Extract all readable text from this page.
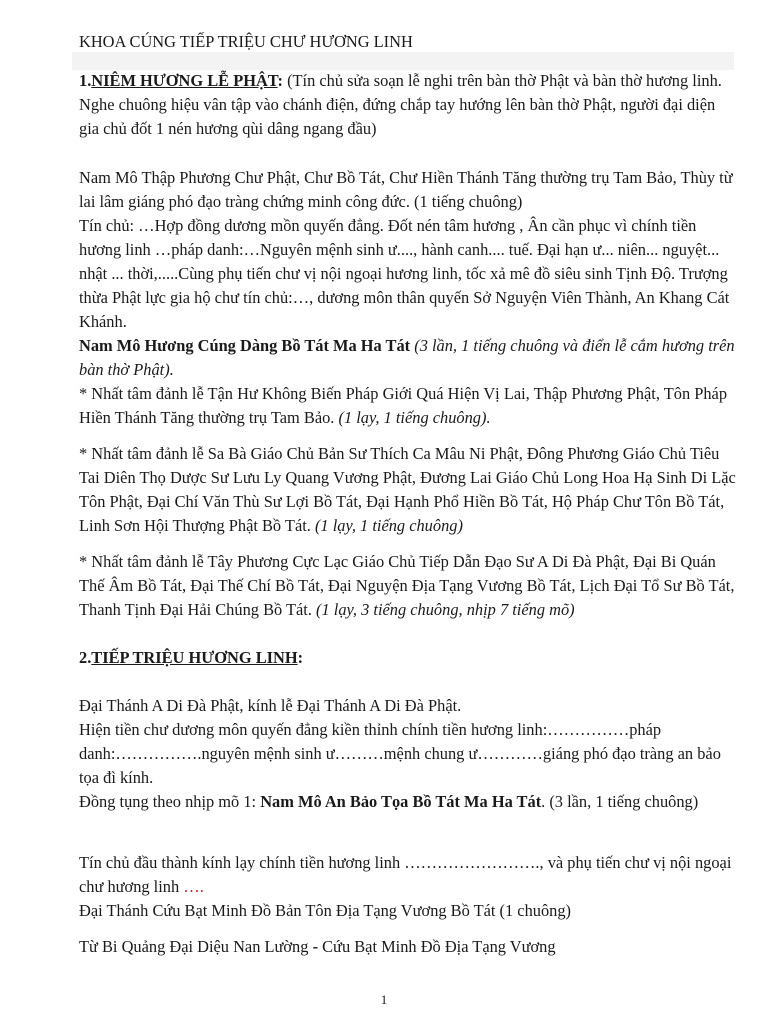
KHOA CÚNG TIẾP TRIỆU CHƯ HƯƠNG LINH

1.NIÊM HƯƠNG LỄ PHẬT: (Tín chủ sửa soạn lễ nghi trên bàn thờ Phật và bàn thờ hương linh. Nghe chuông hiệu vân tập vào chánh điện, đứng chắp tay hướng lên bàn thờ Phật, người đại diện gia chủ đốt 1 nén hương qùi dâng ngang đầu)

Nam Mô Thập Phương Chư Phật, Chư Bồ Tát, Chư Hiền Thánh Tăng thường trụ Tam Bảo, Thùy từ lai lâm giáng phó đạo tràng chứng minh công đức. (1 tiếng chuông)

Tín chủ: …Hợp đồng dương mồn quyến đẳng. Đốt nén tâm hương , Ân cần phục vì chính tiền hương linh …pháp danh:…Nguyên mệnh sinh ư...., hành canh.... tuế. Đại hạn ư... niên... nguyệt... nhật ... thời,.....Cùng phụ tiến chư vị nội ngoại hương linh, tốc xả mê đồ siêu sinh Tịnh Độ. Trượng thừa Phật lực gia hộ chư tín chủ:…, dương môn thân quyến Sở Nguyện Viên Thành, An Khang Cát Khánh.

Nam Mô Hương Cúng Dàng Bồ Tát Ma Ha Tát (3 lần, 1 tiếng chuông và điển lễ cắm hương trên bàn thờ Phật).

* Nhất tâm đảnh lễ Tận Hư Không Biến Pháp Giới Quá Hiện Vị Lai, Thập Phương Phật, Tôn Pháp Hiền Thánh Tăng thường trụ Tam Bảo. (1 lạy, 1 tiếng chuông).

* Nhất tâm đảnh lễ Sa Bà Giáo Chủ Bản Sư Thích Ca Mâu Ni Phật, Đông Phương Giáo Chủ Tiêu Tai Diên Thọ Dược Sư Lưu Ly Quang Vương Phật, Đương Lai Giáo Chủ Long Hoa Hạ Sinh Di Lặc Tôn Phật, Đại Chí Văn Thù Sư Lợi Bồ Tát, Đại Hạnh Phổ Hiền Bồ Tát, Hộ Pháp Chư Tôn Bồ Tát, Linh Sơn Hội Thượng Phật Bồ Tát. (1 lạy, 1 tiếng chuông)

* Nhất tâm đảnh lễ Tây Phương Cực Lạc Giáo Chủ Tiếp Dẫn Đạo Sư A Di Đà Phật, Đại Bi Quán Thế Âm Bồ Tát, Đại Thế Chí Bồ Tát, Đại Nguyện Địa Tạng Vương Bồ Tát, Lịch Đại Tổ Sư Bồ Tát, Thanh Tịnh Đại Hải Chúng Bồ Tát. (1 lạy, 3 tiếng chuông, nhịp 7 tiếng mõ)

2.TIẾP TRIỆU HƯƠNG LINH:

Đại Thánh A Di Đà Phật, kính lễ Đại Thánh A Di Đà Phật.

Hiện tiền chư dương môn quyến đẳng kiền thỉnh chính tiền hương linh:……………pháp danh:…………….nguyên mệnh sinh ư………mệnh chung ư…………giáng phó đạo tràng an bảo tọa đì kính.

Đồng tụng theo nhịp mõ 1: Nam Mô An Bảo Tọa Bồ Tát Ma Ha Tát. (3 lần, 1 tiếng chuông)

Tín chủ đầu thành kính lạy chính tiền hương linh ……………………., và phụ tiến chư vị nội ngoại chư hương linh ….

Đại Thánh Cứu Bạt Minh Đồ Bản Tôn Địa Tạng Vương Bồ Tát (1 chuông)

Từ Bi Quảng Đại Diệu Nan Lường - Cứu Bạt Minh Đồ Địa Tạng Vương

1
